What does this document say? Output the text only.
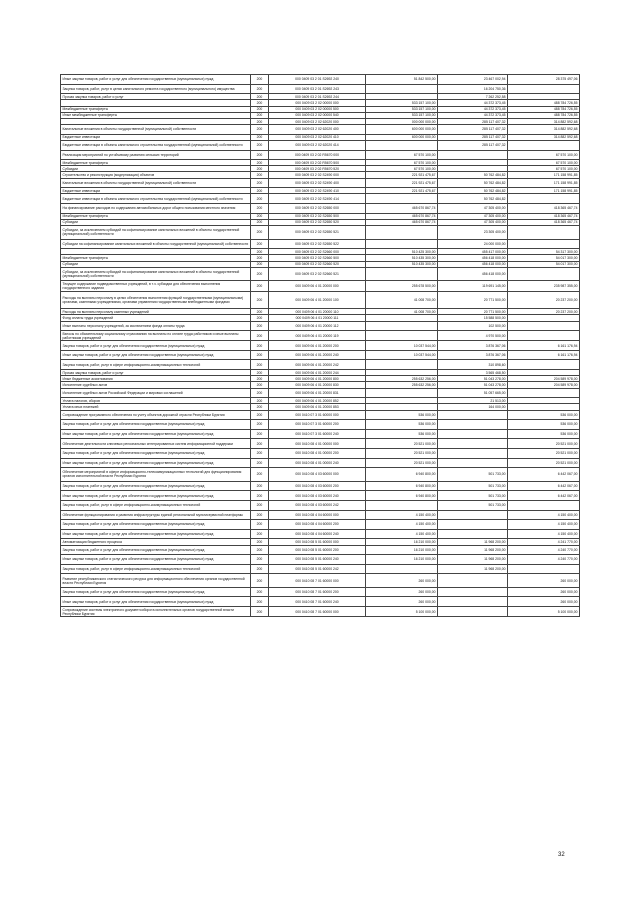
Иные закупки товаров, работ и услуг для обеспечения государственных (муниципальных) нужд	200	000 0409 03 2 01 S2692 240	51 842 500,00	23 467 002,94	28 375 497,06
Закупка товаров, работ, услуг в целях капитального ремонта государственного (муниципального) имущества	200	000 0409 03 2 01 S2692 243		16 204 750,36	
Прочая закупка товаров, работ и услуг	200	000 0409 03 2 01 S2692 244		7 262 252,58	
	200	000 0409 03 2 02 00000 000	533 157 100,00	44 372 373,45	488 784 726,55
Межбюджетные трансферты	200	000 0409 03 2 02 00000 500	533 157 100,00	44 372 373,45	488 784 726,55
Иные межбюджетные трансферты	200	000 0409 03 2 02 00000 540	533 157 100,00	44 372 373,45	488 784 726,55
	200	000 0409 03 2 02 62020 000	000 000 000,00	285 117 407,32	314 882 592,68
Капитальные вложения в объекты государственной (муниципальной) собственности	200	000 0409 03 2 02 62020 400	600 000 000,00	285 117 407,32	314 882 592,68
Бюджетные инвестиции	200	000 0409 03 2 02 62020 410	600 000 000,00	285 117 407,32	314 882 592,68
Бюджетные инвестиции в объекты капитального строительства государственной (муниципальной) собственности	200	000 0409 03 2 02 62020 414		285 117 407,32	
Реализация мероприятий по устойчивому развитию сельских территорий	200	000 0409 03 2 02 R5670 000	67 570 100,00		67 570 100,00
Межбюджетные трансферты	200	000 0409 03 2 02 R5670 500	67 570 100,00		67 570 100,00
Субсидии	200	000 0409 03 2 02 R5670 520	67 570 100,00		67 570 100,00
Строительство и реконструкция (модернизация) объектов	200	000 0409 03 2 02 S2490 000	221 921 475,67	50 762 484,82	171 158 991,85
Капитальные вложения в объекты государственной (муниципальной) собственности	200	000 0409 03 2 02 S2490 400	221 921 475,67	50 762 484,82	171 158 991,85
Бюджетные инвестиции	200	000 0409 03 2 02 S2490 410	221 921 475,67	50 762 484,82	171 158 991,85
Бюджетные инвестиции в объекты капитального строительства государственной (муниципальной) собственности	200	000 0409 03 2 02 S2490 414		50 762 484,82	
На финансирование расходов по содержанию автомобильных дорог общего пользования местного значения	200	000 0409 03 2 02 S2650 000	465 670 867,74	47 305 400,00	418 365 467,74
Межбюджетные трансферты	200	000 0409 03 2 02 S2650 500	465 670 867,74	47 305 400,00	418 365 467,74
Субсидии	200	000 0409 03 2 02 S2650 520	465 670 867,74	47 305 400,00	418 365 467,74
Субсидии, за исключением субсидий на софинансирование капитальных вложений в объекты государственной (муниципальной) собственности	200	000 0409 03 2 02 S2650 521		23 305 400,00	
Субсидии на софинансирование капитальных вложений в объекты государственной (муниципальной) собственности	200	000 0409 03 2 02 S2650 522		24 000 000,00	
	200	000 0409 03 2 02 S2660 000	510 425 300,00	455 417 000,00	54 317 300,00
Межбюджетные трансферты	200	000 0409 03 2 02 S2660 500	510 435 300,00	456 418 000,00	54 017 300,00
Субсидии	200	000 0409 03 2 02 S2660 520	510 435 300,00	456 418 000,00	54 017 300,00
Субсидии, за исключением субсидий на софинансирование капитальных вложений в объекты государственной (муниципальной) собственности	200	000 0409 03 2 02 S2660 521		456 418 000,00	
Текущее содержание подведомственных учреждений, в т.ч. субсидии для обеспечения выполнения государственного задания	200	000 0409 06 4 01 20000 000	255 678 500,00	119 691 145,00	235 987 355,00
Расходы на выплаты персоналу в целях обеспечения выполнения функций государственными (муниципальными) органами, казенными учреждениями, органами управления государственными внебюджетными фондами	200	000 0409 06 4 01 20000 100	41 008 700,00	20 771 500,00	20 237 200,00
Расходы на выплаты персоналу казенных учреждений	200	000 0409 06 4 01 20000 110	41 008 700,00	20 771 500,00	20 237 200,00
Фонд оплаты труда учреждений	200	000 0409 06 4 01 20000 111		15 588 500,00	
Иные выплаты персоналу учреждений, за исключением фонда оплаты труда	200	000 0409 06 4 01 20000 112		102 500,00	
Взносы по обязательному социальному страхованию на выплаты по оплате труда работников и иные выплаты работникам учреждений	200	000 0409 06 4 01 20000 119		4 970 500,00	
Закупка товаров, работ и услуг для обеспечения государственных (муниципальных) нужд	200	000 0409 06 4 01 20000 200	10 037 544,00	3 876 367,06	6 161 176,94
Иные закупки товаров, работ и услуг для обеспечения государственных (муниципальных) нужд	200	000 0409 06 4 01 20000 240	10 037 544,00	3 876 367,06	6 161 176,94
Закупка товаров, работ, услуг в сфере информационно-коммуникационных технологий	200	000 0409 06 4 01 20000 242		310 898,60	
Прочая закупка товаров, работ и услуг	200	000 0409 06 4 01 20000 244		3 565 468,50	
Иные бюджетные ассигнования	200	000 0409 06 4 01 20000 800	255 632 256,00	51 043 278,00	204 589 978,00
Исполнение судебных актов	200	000 0409 06 4 01 20000 830	255 632 256,00	51 043 278,00	204 589 978,00
Исполнение судебных актов Российской Федерации и мировых соглашений	200	000 0409 06 4 01 20000 831		51 057 665,00	
Уплата налогов, сборов	200	000 0409 06 4 01 20000 852		21 513,00	
Уплата иных платежей	200	000 0409 06 4 01 20000 853		164 000,00	
Сопровождение программного обеспечения по учету объектов дорожной отрасли Республики Бурятия	200	000 0410 07 3 01 60000 000	536 000,00		536 000,00
Закупка товаров, работ и услуг для обеспечения государственных (муниципальных) нужд	200	000 0410 07 3 01 60000 200	536 000,00		536 000,00
Иные закупки товаров, работ и услуг для обеспечения государственных (муниципальных) нужд	200	000 0410 07 3 01 60000 240	536 000,00		536 000,00
Обеспечение деятельности ключевых региональных интегрированных систем информационной поддержки	200	000 0410 08 4 01 00000 000	20 521 000,00		20 521 000,00
Закупка товаров, работ и услуг для обеспечения государственных (муниципальных) нужд	200	000 0410 08 4 01 00000 200	20 521 000,00		20 521 000,00
Иные закупки товаров, работ и услуг для обеспечения государственных (муниципальных) нужд	200	000 0410 08 4 01 00000 240	20 521 000,00		20 521 000,00
Обеспечение мероприятий в сфере информационно-телекоммуникационных технологий для функционирования органов исполнительной власти Республики Бурятия	200	000 0410 08 4 03 60000 000	6 940 800,00	501 733,00	6 442 067,00
Закупка товаров, работ и услуг для обеспечения государственных (муниципальных) нужд	200	000 0410 08 4 03 60000 200	6 940 800,00	501 733,00	6 442 067,00
Иные закупки товаров, работ и услуг для обеспечения государственных (муниципальных) нужд	200	000 0410 08 4 03 60000 240	6 940 800,00	501 733,00	6 442 067,00
Закупка товаров, работ, услуг в сфере информационно-коммуникационных технологий	200	000 0410 08 4 03 60000 242		501 733,00	
Обеспечение функционирования и развития инфраструктуры единой региональной мультисервисной платформы	200	000 0410 08 4 04 60000 000	4 150 400,00		4 150 400,00
Закупка товаров, работ и услуг для обеспечения государственных (муниципальных) нужд	200	000 0410 08 4 04 60000 200	4 150 400,00		4 150 400,00
Иные закупки товаров, работ и услуг для обеспечения государственных (муниципальных) нужд	200	000 0410 08 4 04 60000 240	4 150 400,00		4 150 400,00
Автоматизация бюджетного процесса	200	000 0410 08 5 01 60000 000	16 210 000,00	11 968 200,00	4 241 770,00
Закупка товаров, работ и услуг для обеспечения государственных (муниципальных) нужд	200	000 0410 08 5 01 60000 200	16 210 000,00	11 968 200,00	4 240 770,00
Иные закупки товаров, работ и услуг для обеспечения государственных (муниципальных) нужд	200	000 0410 08 5 01 60000 240	16 210 000,00	11 968 200,00	4 240 770,00
Закупка товаров, работ, услуг в сфере информационно-коммуникационных технологий	200	000 0410 08 5 01 60000 242		11 968 200,00	
Развитие республиканского статистического ресурса для информационного обеспечения органов государственной власти Республики Бурятия	200	000 0410 08 7 01 60000 000	260 000,00		260 000,00
Закупка товаров, работ и услуг для обеспечения государственных (муниципальных) нужд	200	000 0410 08 7 01 60000 200	260 000,00		260 000,00
Иные закупки товаров, работ и услуг для обеспечения государственных (муниципальных) нужд	200	000 0410 08 7 01 60000 240	260 000,00		260 000,00
Сопровождение системы электронного документооборота исполнительных органов государственной власти Республики Бурятия	200	000 0410 08 7 01 60000 000	5 100 000,00		5 100 000,00
32
